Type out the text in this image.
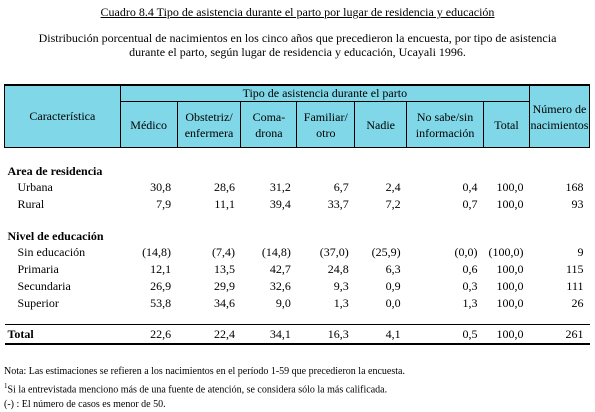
Cuadro 8.4 Tipo de asistencia durante el parto por lugar de residencia y educación
Distribución porcentual de nacimientos en los cinco años que precedieron la encuesta, por tipo de asistencia durante el parto, según lugar de residencia y educación, Ucayali 1996.
Característica	Tipo de asistencia durante el parto							Número de nacimientos
	Médico	Obstetriz/ enfermera	Coma- drona	Familiar/ otro	Nadie	No sabe/sin información	Total	

Area de residencia								
Urbana	30,8	28,6	31,2	6,7	2,4	0,4	100,0	168
Rural	7,9	11,1	39,4	33,7	7,2	0,7	100,0	93

Nivel de educación								
Sin educación	(14,8)	(7,4)	(14,8)	(37,0)	(25,9)	(0,0)	(100,0)	9
Primaria	12,1	13,5	42,7	24,8	6,3	0,6	100,0	115
Secundaria	26,9	29,9	32,6	9,3	0,9	0,3	100,0	111
Superior	53,8	34,6	9,0	1,3	0,0	1,3	100,0	26

Total	22,6	22,4	34,1	16,3	4,1	0,5	100,0	261

Nota: Las estimaciones se refieren a los nacimientos en el período 1-59 que precedieron la encuesta.
$^1$Si la entrevistada menciono más de una fuente de atención, se considera sólo la más calificada.
(-) : El número de casos es menor de 50.
